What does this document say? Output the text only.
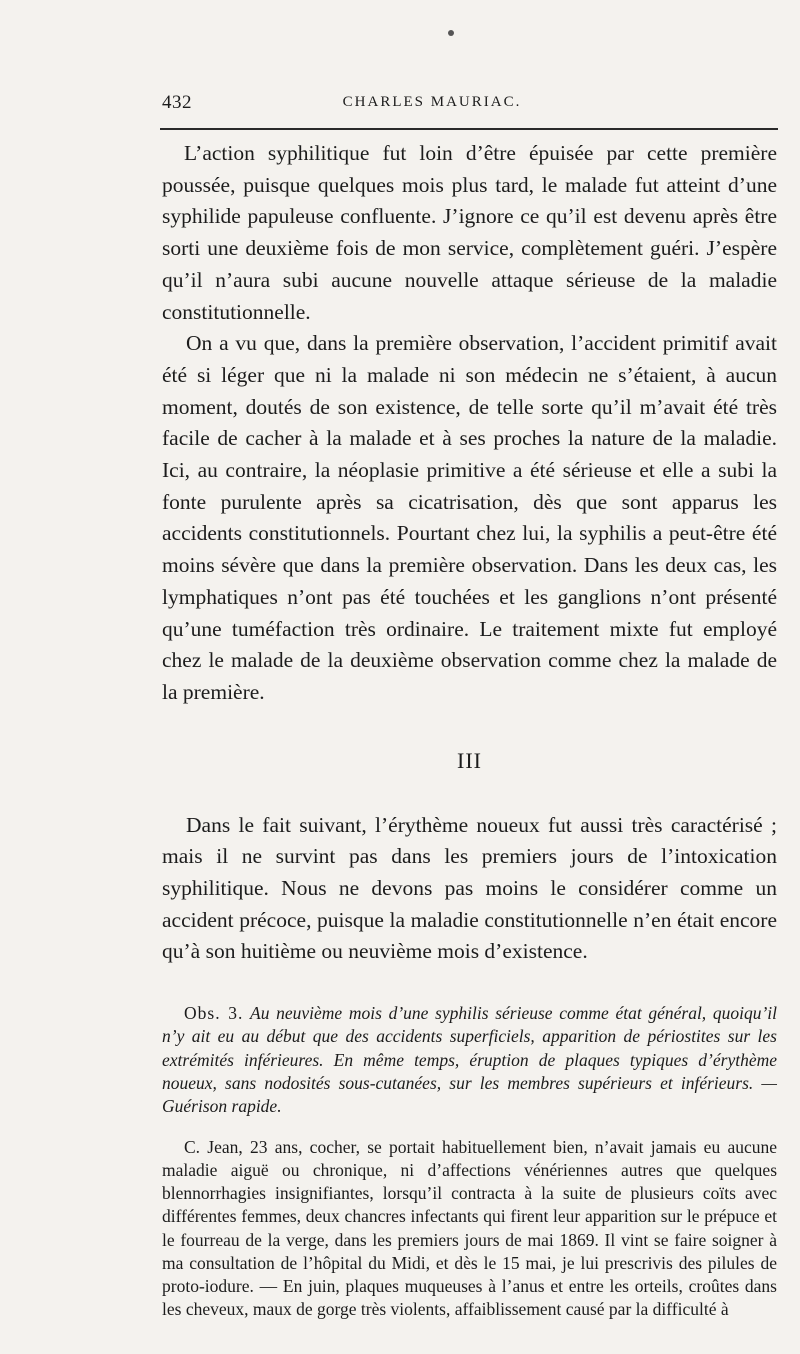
432	CHARLES MAURIAC.

L’action syphilitique fut loin d’être épuisée par cette première poussée, puisque quelques mois plus tard, le malade fut atteint d’une syphilide papuleuse confluente. J’ignore ce qu’il est devenu après être sorti une deuxième fois de mon service, complètement guéri. J’espère qu’il n’aura subi aucune nouvelle attaque sérieuse de la maladie constitutionnelle.

On a vu que, dans la première observation, l’accident primitif avait été si léger que ni la malade ni son médecin ne s’étaient, à aucun moment, doutés de son existence, de telle sorte qu’il m’avait été très facile de cacher à la malade et à ses proches la nature de la maladie. Ici, au contraire, la néoplasie primitive a été sérieuse et elle a subi la fonte purulente après sa cicatrisation, dès que sont apparus les accidents constitutionnels. Pourtant chez lui, la syphilis a peut-être été moins sévère que dans la première observation. Dans les deux cas, les lymphatiques n’ont pas été touchées et les ganglions n’ont présenté qu’une tuméfaction très ordinaire. Le traitement mixte fut employé chez le malade de la deuxième observation comme chez la malade de la première.

III

Dans le fait suivant, l’érythème noueux fut aussi très caractérisé ; mais il ne survint pas dans les premiers jours de l’intoxication syphilitique. Nous ne devons pas moins le considérer comme un accident précoce, puisque la maladie constitutionnelle n’en était encore qu’à son huitième ou neuvième mois d’existence.

Obs. 3. Au neuvième mois d’une syphilis sérieuse comme état général, quoiqu’il n’y ait eu au début que des accidents superficiels, apparition de périostites sur les extrémités inférieures. En même temps, éruption de plaques typiques d’érythème noueux, sans nodosités sous-cutanées, sur les membres supérieurs et inférieurs. — Guérison rapide.

C. Jean, 23 ans, cocher, se portait habituellement bien, n’avait jamais eu aucune maladie aiguë ou chronique, ni d’affections vénériennes autres que quelques blennorrhagies insignifiantes, lorsqu’il contracta à la suite de plusieurs coïts avec différentes femmes, deux chancres infectants qui firent leur apparition sur le prépuce et le fourreau de la verge, dans les premiers jours de mai 1869. Il vint se faire soigner à ma consultation de l’hôpital du Midi, et dès le 15 mai, je lui prescrivis des pilules de proto-iodure. — En juin, plaques muqueuses à l’anus et entre les orteils, croûtes dans les cheveux, maux de gorge très violents, affaiblissement causé par la difficulté à
